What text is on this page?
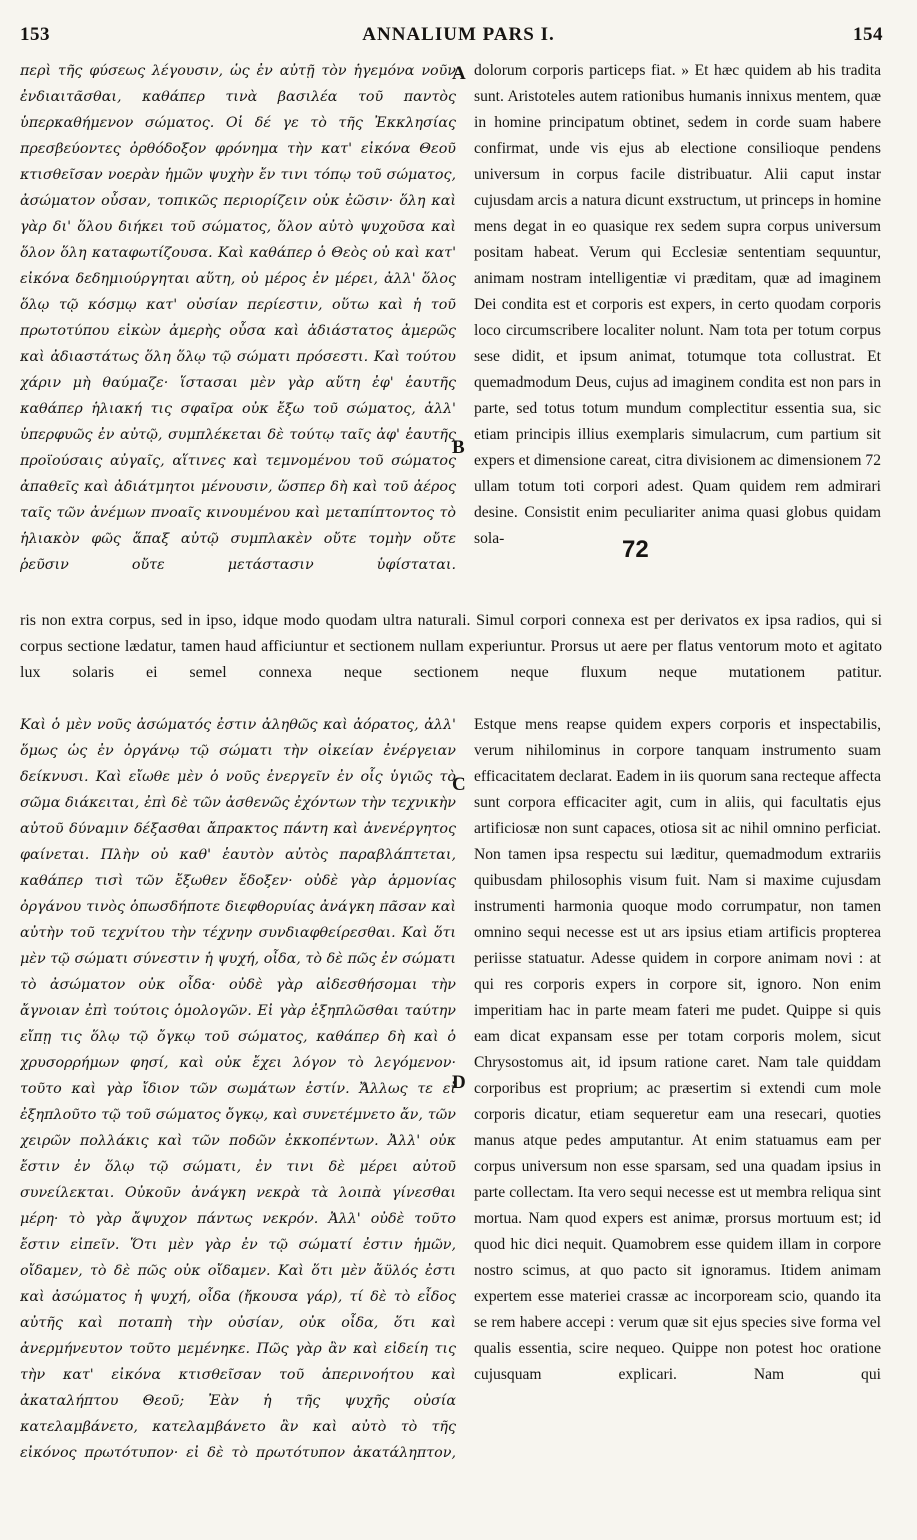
153	ANNALIUM PARS I.	154

περὶ τῆς φύσεως λέγουσιν, ὡς ἐν αὐτῇ τὸν ἡγεμόνα νοῦν ἐνδιαιτᾶσθαι, καθάπερ τινὰ βασιλέα τοῦ παντὸς ὑπερκαθήμενον σώματος. Οἱ δέ γε τὸ τῆς Ἐκκλησίας πρεσβεύοντες ὀρθόδοξον φρόνημα τὴν κατ' εἰκόνα Θεοῦ κτισθεῖσαν νοερὰν ἡμῶν ψυχὴν ἔν τινι τόπῳ τοῦ σώματος, ἀσώματον οὖσαν, τοπικῶς περιορίζειν οὐκ ἐῶσιν· ὅλη καὶ γὰρ δι' ὅλου διήκει τοῦ σώματος, ὅλον αὐτὸ ψυχοῦσα καὶ ὅλον ὅλη καταφωτίζουσα. Καὶ καθάπερ ὁ Θεὸς οὐ καὶ κατ' εἰκόνα δεδημιούργηται αὕτη, οὐ μέρος ἐν μέρει, ἀλλ' ὅλος ὅλῳ τῷ κόσμῳ κατ' οὐσίαν περίεστιν, οὕτω καὶ ἡ τοῦ πρωτοτύπου εἰκὼν ἀμερὴς οὖσα καὶ ἀδιάστατος ἀμερῶς καὶ ἀδιαστάτως ὅλη ὅλῳ τῷ σώματι πρόσεστι. Καὶ τούτου χάριν μὴ θαύμαζε· ἵστασαι μὲν γὰρ αὕτη ἐφ' ἑαυτῆς καθάπερ ἡλιακή τις σφαῖρα οὐκ ἔξω τοῦ σώματος, ἀλλ' ὑπερφυῶς ἐν αὐτῷ, συμπλέκεται δὲ τούτῳ ταῖς ἀφ' ἑαυτῆς προϊούσαις αὐγαῖς, αἵτινες καὶ τεμνομένου τοῦ σώματος ἀπαθεῖς καὶ ἀδιάτμητοι μένουσιν, ὥσπερ δὴ καὶ τοῦ ἀέρος ταῖς τῶν ἀνέμων πνοαῖς κινουμένου καὶ μεταπίπτοντος τὸ ἡλιακὸν φῶς ἅπαξ αὐτῷ συμπλακὲν οὔτε τομὴν οὔτε ῥεῦσιν οὔτε μετάστασιν ὑφίσταται.

dolorum corporis particeps fiat. » Et hæc quidem ab his tradita sunt. Aristoteles autem rationibus humanis innixus mentem, quæ in homine principatum obtinet, sedem in corde suam habere confirmat, unde vis ejus ab electione consilioque pendens universum in corpus facile distribuatur. Alii caput instar cujusdam arcis a natura dicunt exstructum, ut princeps in homine mens degat in eo quasique rex sedem supra corpus universum positam habeat. Verum qui Ecclesiæ sententiam sequuntur, animam nostram intelligentiæ vi præditam, quæ ad imaginem Dei condita est et corporis est expers, in certo quodam corporis loco circumscribere localiter nolunt. Nam tota per totum corpus sese didit, et ipsum animat, totumque tota collustrat. Et quemadmodum Deus, cujus ad imaginem condita est non pars in parte, sed totus totum mundum complectitur essentia sua, sic etiam principis illius exemplaris simulacrum, cum partium sit expers et dimensione careat, citra divisionem ac dimensionem 72 ullam totum toti corpori adest. Quam quidem rem admirari desine. Consistit enim peculiariter anima quasi globus quidam sola-

ris non extra corpus, sed in ipso, idque modo quodam ultra naturali. Simul corpori connexa est per derivatos ex ipsa radios, qui si corpus sectione lædatur, tamen haud afficiuntur et sectionem nullam experiuntur. Prorsus ut aere per flatus ventorum moto et agitato lux solaris ei semel connexa neque sectionem neque fluxum neque mutationem patitur.

Καὶ ὁ μὲν νοῦς ἀσώματός ἐστιν ἀληθῶς καὶ ἀόρατος, ἀλλ' ὅμως ὡς ἐν ὀργάνῳ τῷ σώματι τὴν οἰκείαν ἐνέργειαν δείκνυσι. Καὶ εἴωθε μὲν ὁ νοῦς ἐνεργεῖν ἐν οἷς ὑγιῶς τὸ σῶμα διάκειται, ἐπὶ δὲ τῶν ἀσθενῶς ἐχόντων τὴν τεχνικὴν αὐτοῦ δύναμιν δέξασθαι ἄπρακτος πάντη καὶ ἀνενέργητος φαίνεται. Πλὴν οὐ καθ' ἑαυτὸν αὐτὸς παραβλάπτεται, καθάπερ τισὶ τῶν ἔξωθεν ἔδοξεν· οὐδὲ γὰρ ἁρμονίας ὀργάνου τινὸς ὁπωσδήποτε διεφθορυίας ἀνάγκη πᾶσαν καὶ αὐτὴν τοῦ τεχνίτου τὴν τέχνην συνδιαφθείρεσθαι. Καὶ ὅτι μὲν τῷ σώματι σύνεστιν ἡ ψυχή, οἶδα, τὸ δὲ πῶς ἐν σώματι τὸ ἀσώματον οὐκ οἶδα· οὐδὲ γὰρ αἰδεσθήσομαι τὴν ἄγνοιαν ἐπὶ τούτοις ὁμολογῶν. Εἰ γὰρ ἐξηπλῶσθαι ταύτην εἴπῃ τις ὅλῳ τῷ ὄγκῳ τοῦ σώματος, καθάπερ δὴ καὶ ὁ χρυσορρήμων φησί, καὶ οὐκ ἔχει λόγον τὸ λεγόμενον· τοῦτο καὶ γὰρ ἴδιον τῶν σωμάτων ἐστίν. Ἄλλως τε εἰ ἐξηπλοῦτο τῷ τοῦ σώματος ὄγκῳ, καὶ συνετέμνετο ἄν, τῶν χειρῶν πολλάκις καὶ τῶν ποδῶν ἐκκοπέντων. Ἀλλ' οὐκ ἔστιν ἐν ὅλῳ τῷ σώματι, ἐν τινι δὲ μέρει αὐτοῦ συνείλεκται. Οὐκοῦν ἀνάγκη νεκρὰ τὰ λοιπὰ γίνεσθαι μέρη· τὸ γὰρ ἄψυχον πάντως νεκρόν. Ἀλλ' οὐδὲ τοῦτο ἔστιν εἰπεῖν. Ὅτι μὲν γὰρ ἐν τῷ σώματί ἐστιν ἡμῶν, οἴδαμεν, τὸ δὲ πῶς οὐκ οἴδαμεν. Καὶ ὅτι μὲν ἄϋλός ἐστι καὶ ἀσώματος ἡ ψυχή, οἶδα (ἤκουσα γάρ), τί δὲ τὸ εἶδος αὐτῆς καὶ ποταπὴ τὴν οὐσίαν, οὐκ οἶδα, ὅτι καὶ ἀνερμήνευτον τοῦτο μεμένηκε. Πῶς γὰρ ἂν καὶ εἰδείη τις τὴν κατ' εἰκόνα κτισθεῖσαν τοῦ ἀπερινοήτου καὶ ἀκαταλήπτου Θεοῦ; Ἐὰν ἡ τῆς ψυχῆς οὐσία κατελαμβάνετο, κατελαμβάνετο ἂν καὶ αὐτὸ τὸ τῆς εἰκόνος πρωτότυπον· εἰ δὲ τὸ πρωτότυπον ἀκατάληπτον,

Estque mens reapse quidem expers corporis et inspectabilis, verum nihilominus in corpore tanquam instrumento suam efficacitatem declarat. Eadem in iis quorum sana recteque affecta sunt corpora efficaciter agit, cum in aliis, qui facultatis ejus artificiosæ non sunt capaces, otiosa sit ac nihil omnino perficiat. Non tamen ipsa respectu sui læditur, quemadmodum extrariis quibusdam philosophis visum fuit. Nam si maxime cujusdam instrumenti harmonia quoque modo corrumpatur, non tamen omnino sequi necesse est ut ars ipsius etiam artificis propterea periisse statuatur. Adesse quidem in corpore animam novi : at qui res corporis expers in corpore sit, ignoro. Non enim imperitiam hac in parte meam fateri me pudet. Quippe si quis eam dicat expansam esse per totam corporis molem, sicut Chrysostomus ait, id ipsum ratione caret. Nam tale quiddam corporibus est proprium; ac præsertim si extendi cum mole corporis dicatur, etiam sequeretur eam una resecari, quoties manus atque pedes amputantur. At enim statuamus eam per corpus universum non esse sparsam, sed una quadam ipsius in parte collectam. Ita vero sequi necesse est ut membra reliqua sint mortua. Nam quod expers est animæ, prorsus mortuum est; id quod hic dici nequit. Quamobrem esse quidem illam in corpore nostro scimus, at quo pacto sit ignoramus. Itidem animam expertem esse materiei crassæ ac incorpoream scio, quando ita se rem habere accepi : verum quæ sit ejus species sive forma vel qualis essentia, scire nequeo. Quippe non potest hoc oratione cujusquam explicari. Nam qui

A
B
C
D
72
